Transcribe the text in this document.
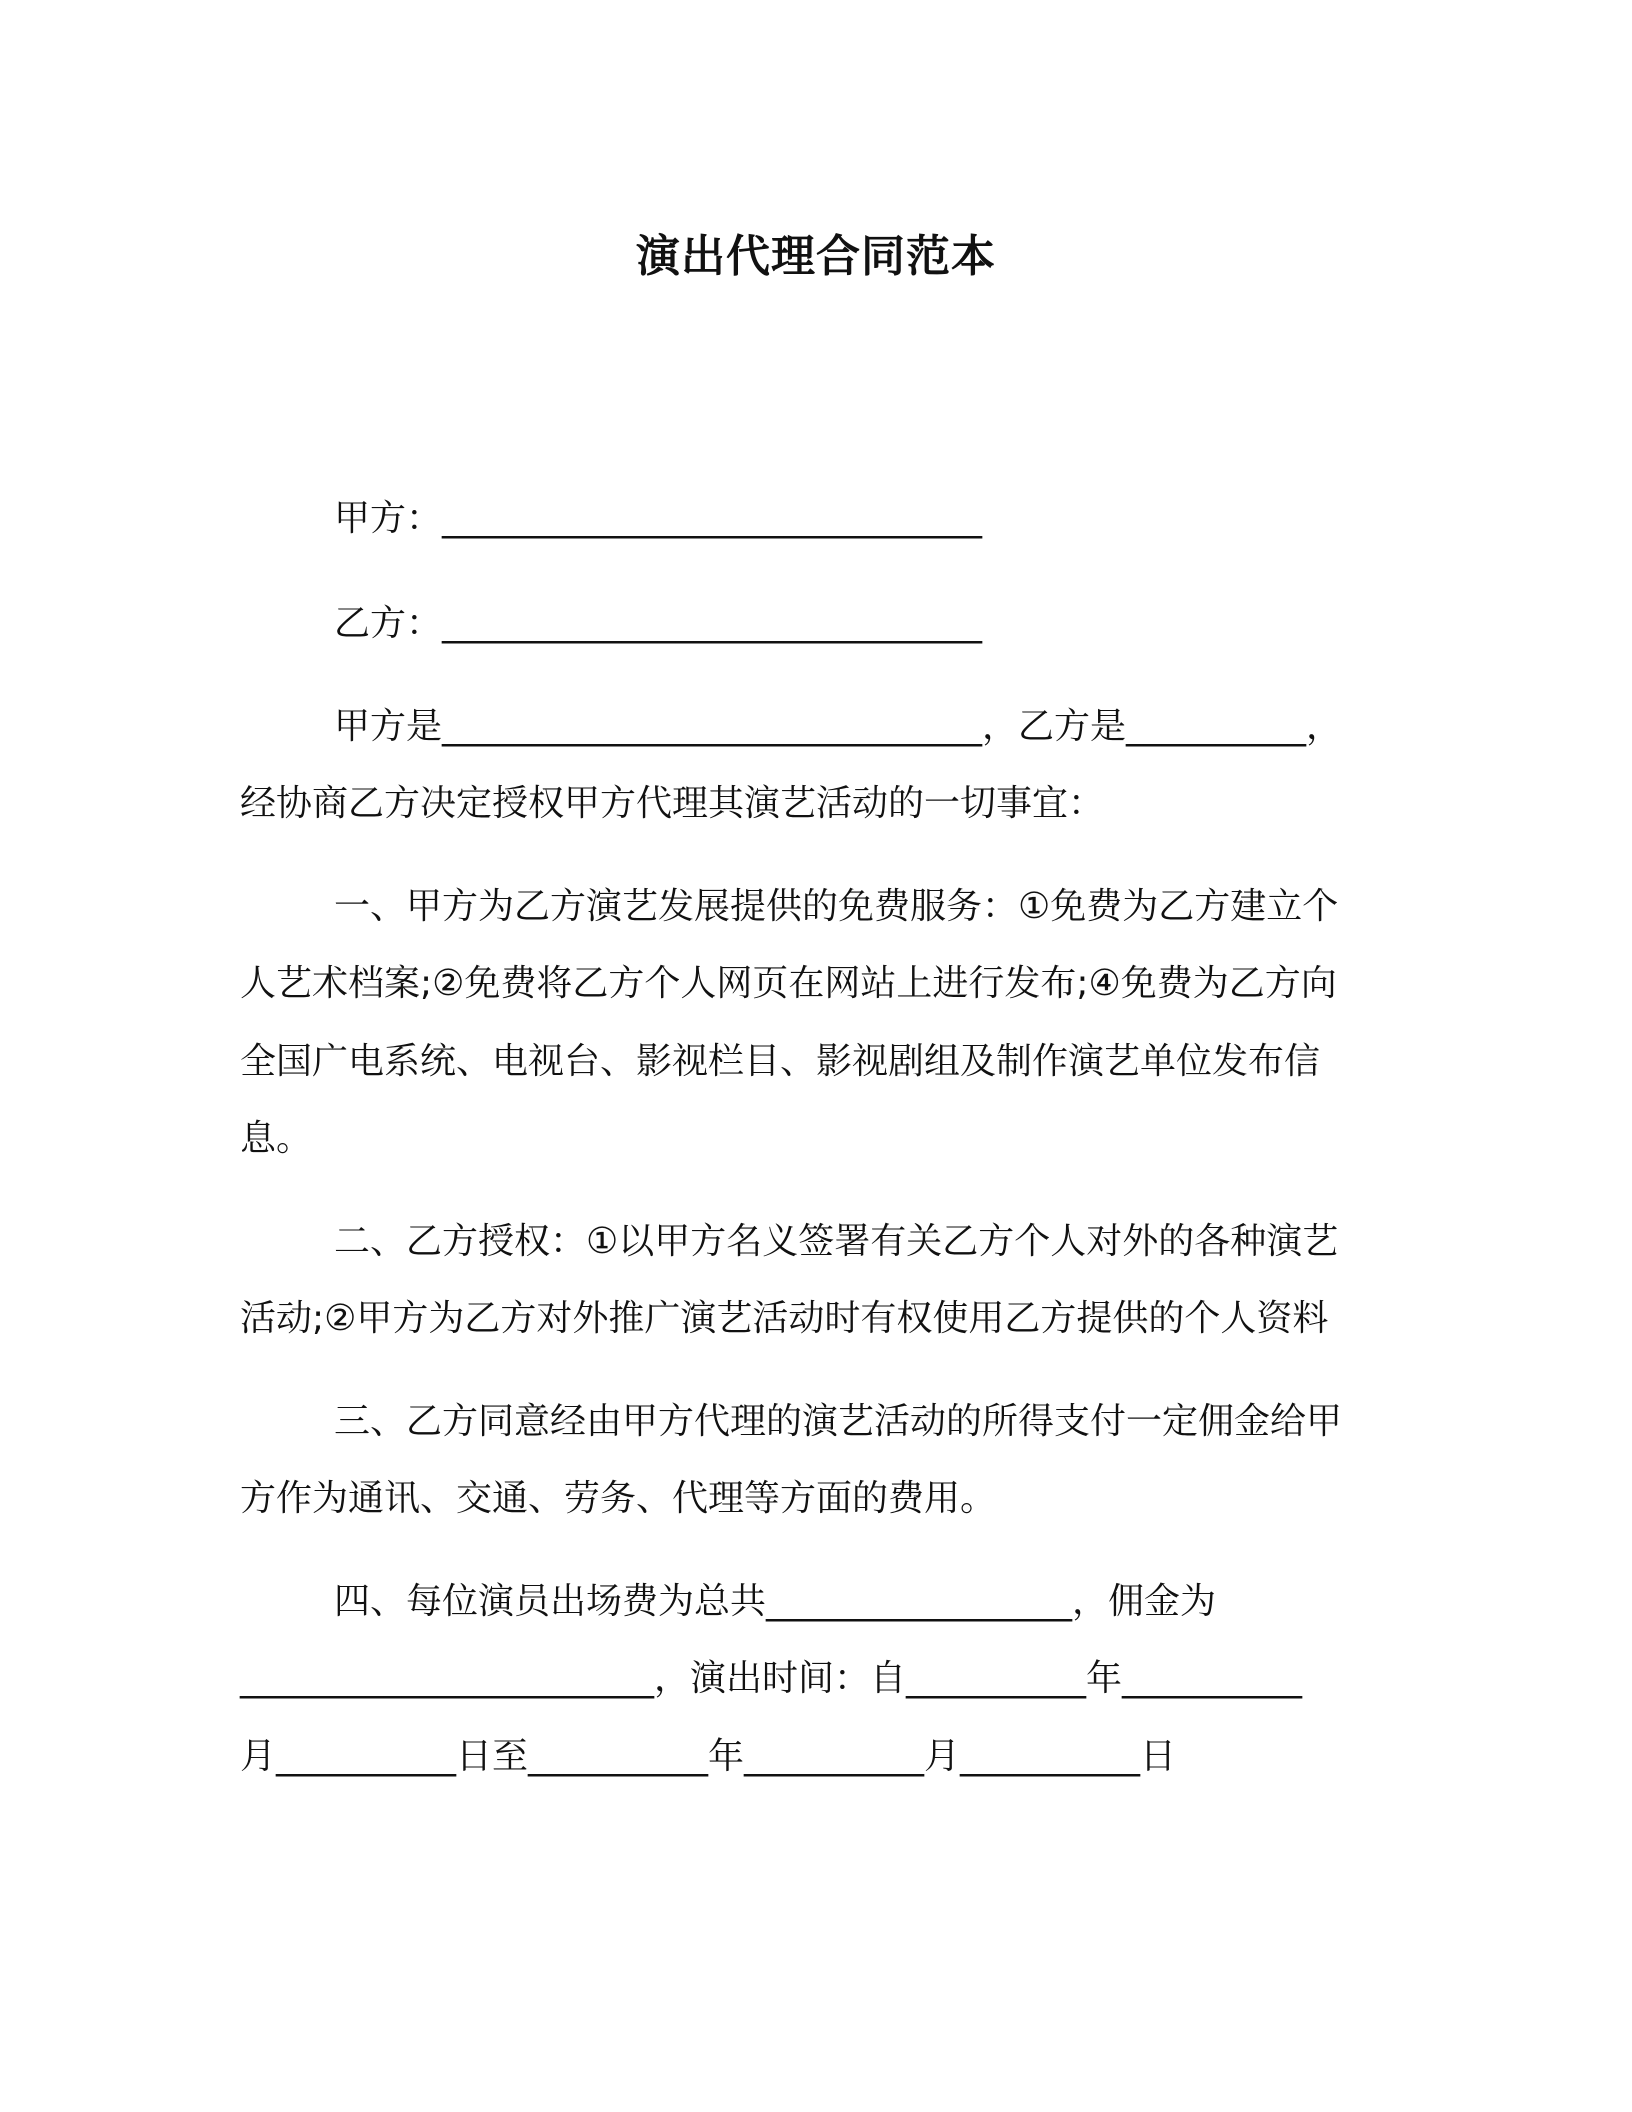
演出代理合同范本
甲方：______________________________
乙方：______________________________
甲方是______________________________，乙方是__________，
经协商乙方决定授权甲方代理其演艺活动的一切事宜：
一、甲方为乙方演艺发展提供的免费服务：①免费为乙方建立个
人艺术档案;②免费将乙方个人网页在网站上进行发布;④免费为乙方向
全国广电系统、电视台、影视栏目、影视剧组及制作演艺单位发布信
息。
二、乙方授权：①以甲方名义签署有关乙方个人对外的各种演艺
活动;②甲方为乙方对外推广演艺活动时有权使用乙方提供的个人资料
三、乙方同意经由甲方代理的演艺活动的所得支付一定佣金给甲
方作为通讯、交通、劳务、代理等方面的费用。
四、每位演员出场费为总共_________________，佣金为
_______________________，演出时间：自__________年__________
月__________日至__________年__________月__________日
